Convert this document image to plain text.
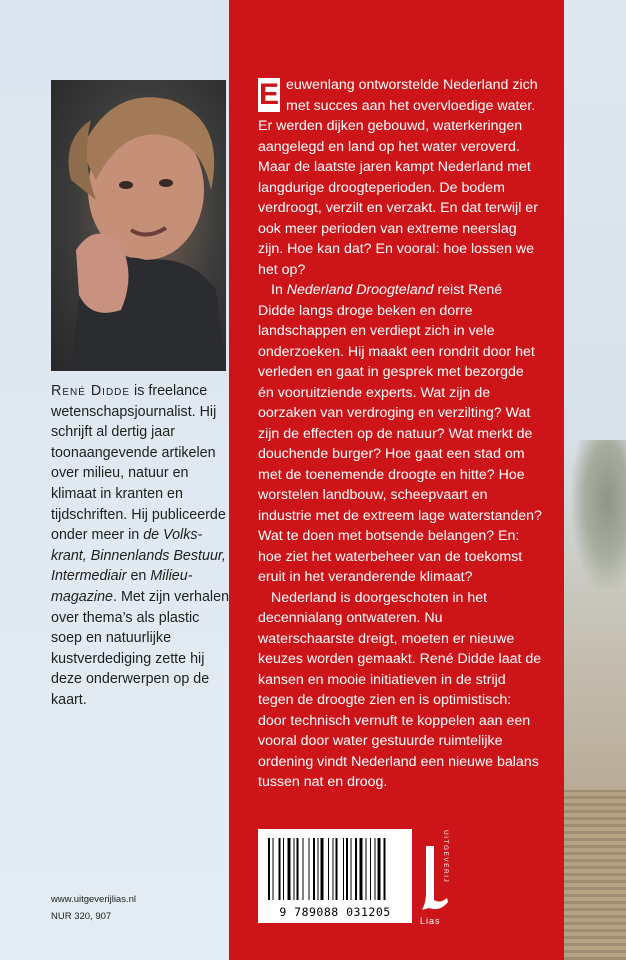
René Didde is freelance wetenschapsjournalist. Hij schrijft al dertig jaar toonaangevende artikelen over milieu, natuur en klimaat in kranten en tijdschriften. Hij publiceerde onder meer in de Volkskrant, Binnenlands Bestuur, Intermediair en Milieumagazine. Met zijn verhalen over thema’s als plastic soep en natuurlijke kustverdediging zette hij deze onderwerpen op de kaart.
www.uitgeverijlias.nl
NUR 320, 907

E euwenlang ontworstelde Nederland zich met succes aan het overvloedige water. Er werden dijken gebouwd, waterkeringen aangelegd en land op het water veroverd. Maar de laatste jaren kampt Nederland met langdurige droogteperioden. De bodem verdroogt, verzilt en verzakt. En dat terwijl er ook meer perioden van extreme neerslag zijn. Hoe kan dat? En vooral: hoe lossen we het op?

In Nederland Droogteland reist René Didde langs droge beken en dorre landschappen en verdiept zich in vele onderzoeken. Hij maakt een rondrit door het verleden en gaat in gesprek met bezorgde én vooruitziende experts. Wat zijn de oorzaken van verdroging en verzilting? Wat zijn de effecten op de natuur? Wat merkt de douchende burger? Hoe gaat een stad om met de toenemende droogte en hitte? Hoe worstelen landbouw, scheepvaart en industrie met de extreem lage waterstanden? Wat te doen met botsende belangen? En: hoe ziet het waterbeheer van de toekomst eruit in het veranderende klimaat?

Nederland is doorgeschoten in het decennialang ontwateren. Nu waterschaarste dreigt, moeten er nieuwe keuzes worden gemaakt. René Didde laat de kansen en mooie initiatieven in de strijd tegen de droogte zien en is optimistisch: door technisch vernuft te koppelen aan een vooral door water gestuurde ruimtelijke ordening vindt Nederland een nieuwe balans tussen nat en droog.

9 789088 031205
UITGEVERIJ
Lias
